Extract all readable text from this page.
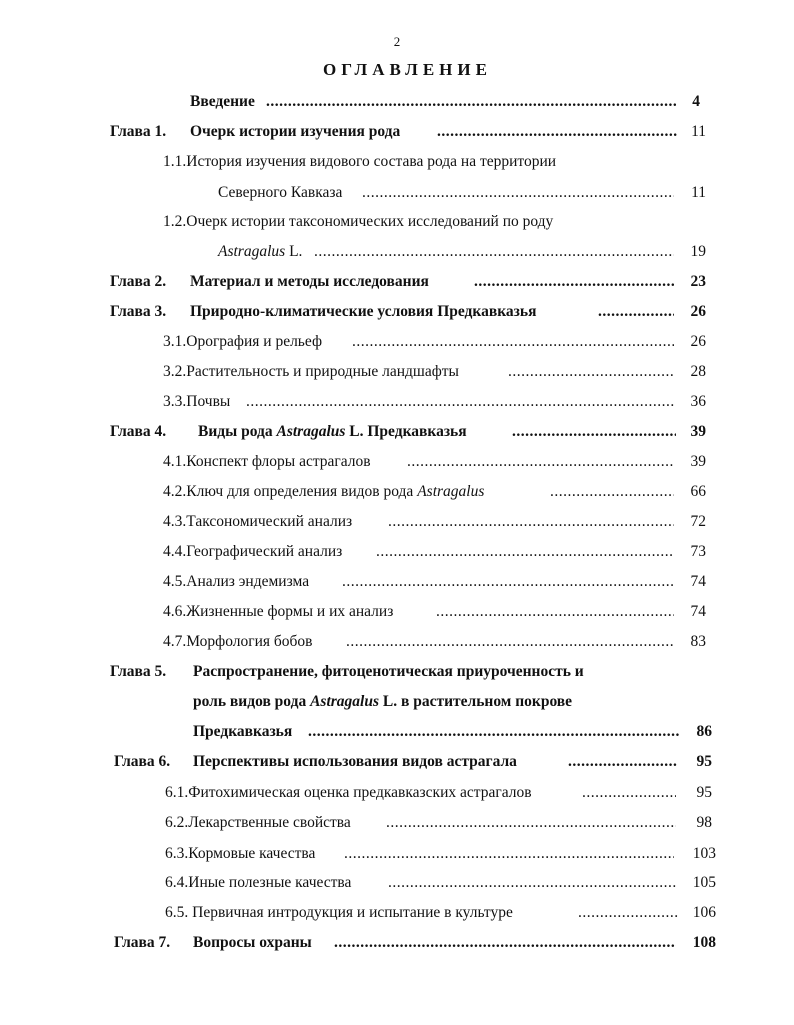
2
ОГЛАВЛЕНИЕ
Введение .....	4
Глава 1. Очерк истории изучения рода .....	11
1.1.История изучения видового состава рода на территории
Северного Кавказа .....	11
1.2.Очерк истории таксономических исследований по роду
Astragalus L. .....	19
Глава 2. Материал и методы исследования .....	23
Глава 3. Природно-климатические условия Предкавказья .....	26
3.1.Орография и рельеф .....	26
3.2.Растительность и природные ландшафты .....	28
3.3.Почвы .....	36
Глава 4. Виды рода Astragalus L. Предкавказья .....	39
4.1.Конспект флоры астрагалов .....	39
4.2.Ключ для определения видов рода Astragalus .....	66
4.3.Таксономический анализ .....	72
4.4.Географический анализ .....	73
4.5.Анализ эндемизма .....	74
4.6.Жизненные формы и их анализ .....	74
4.7.Морфология бобов .....	83
Глава 5. Распространение, фитоценотическая приуроченность и
роль видов рода Astragalus L. в растительном покрове
Предкавказья .....	86
Глава 6. Перспективы использования видов астрагала .....	95
6.1.Фитохимическая оценка предкавказских астрагалов .....	95
6.2.Лекарственные свойства .....	98
6.3.Кормовые качества .....	103
6.4.Иные полезные качества .....	105
6.5. Первичная интродукция и испытание в культуре .....	106
Глава 7. Вопросы охраны .....	108
